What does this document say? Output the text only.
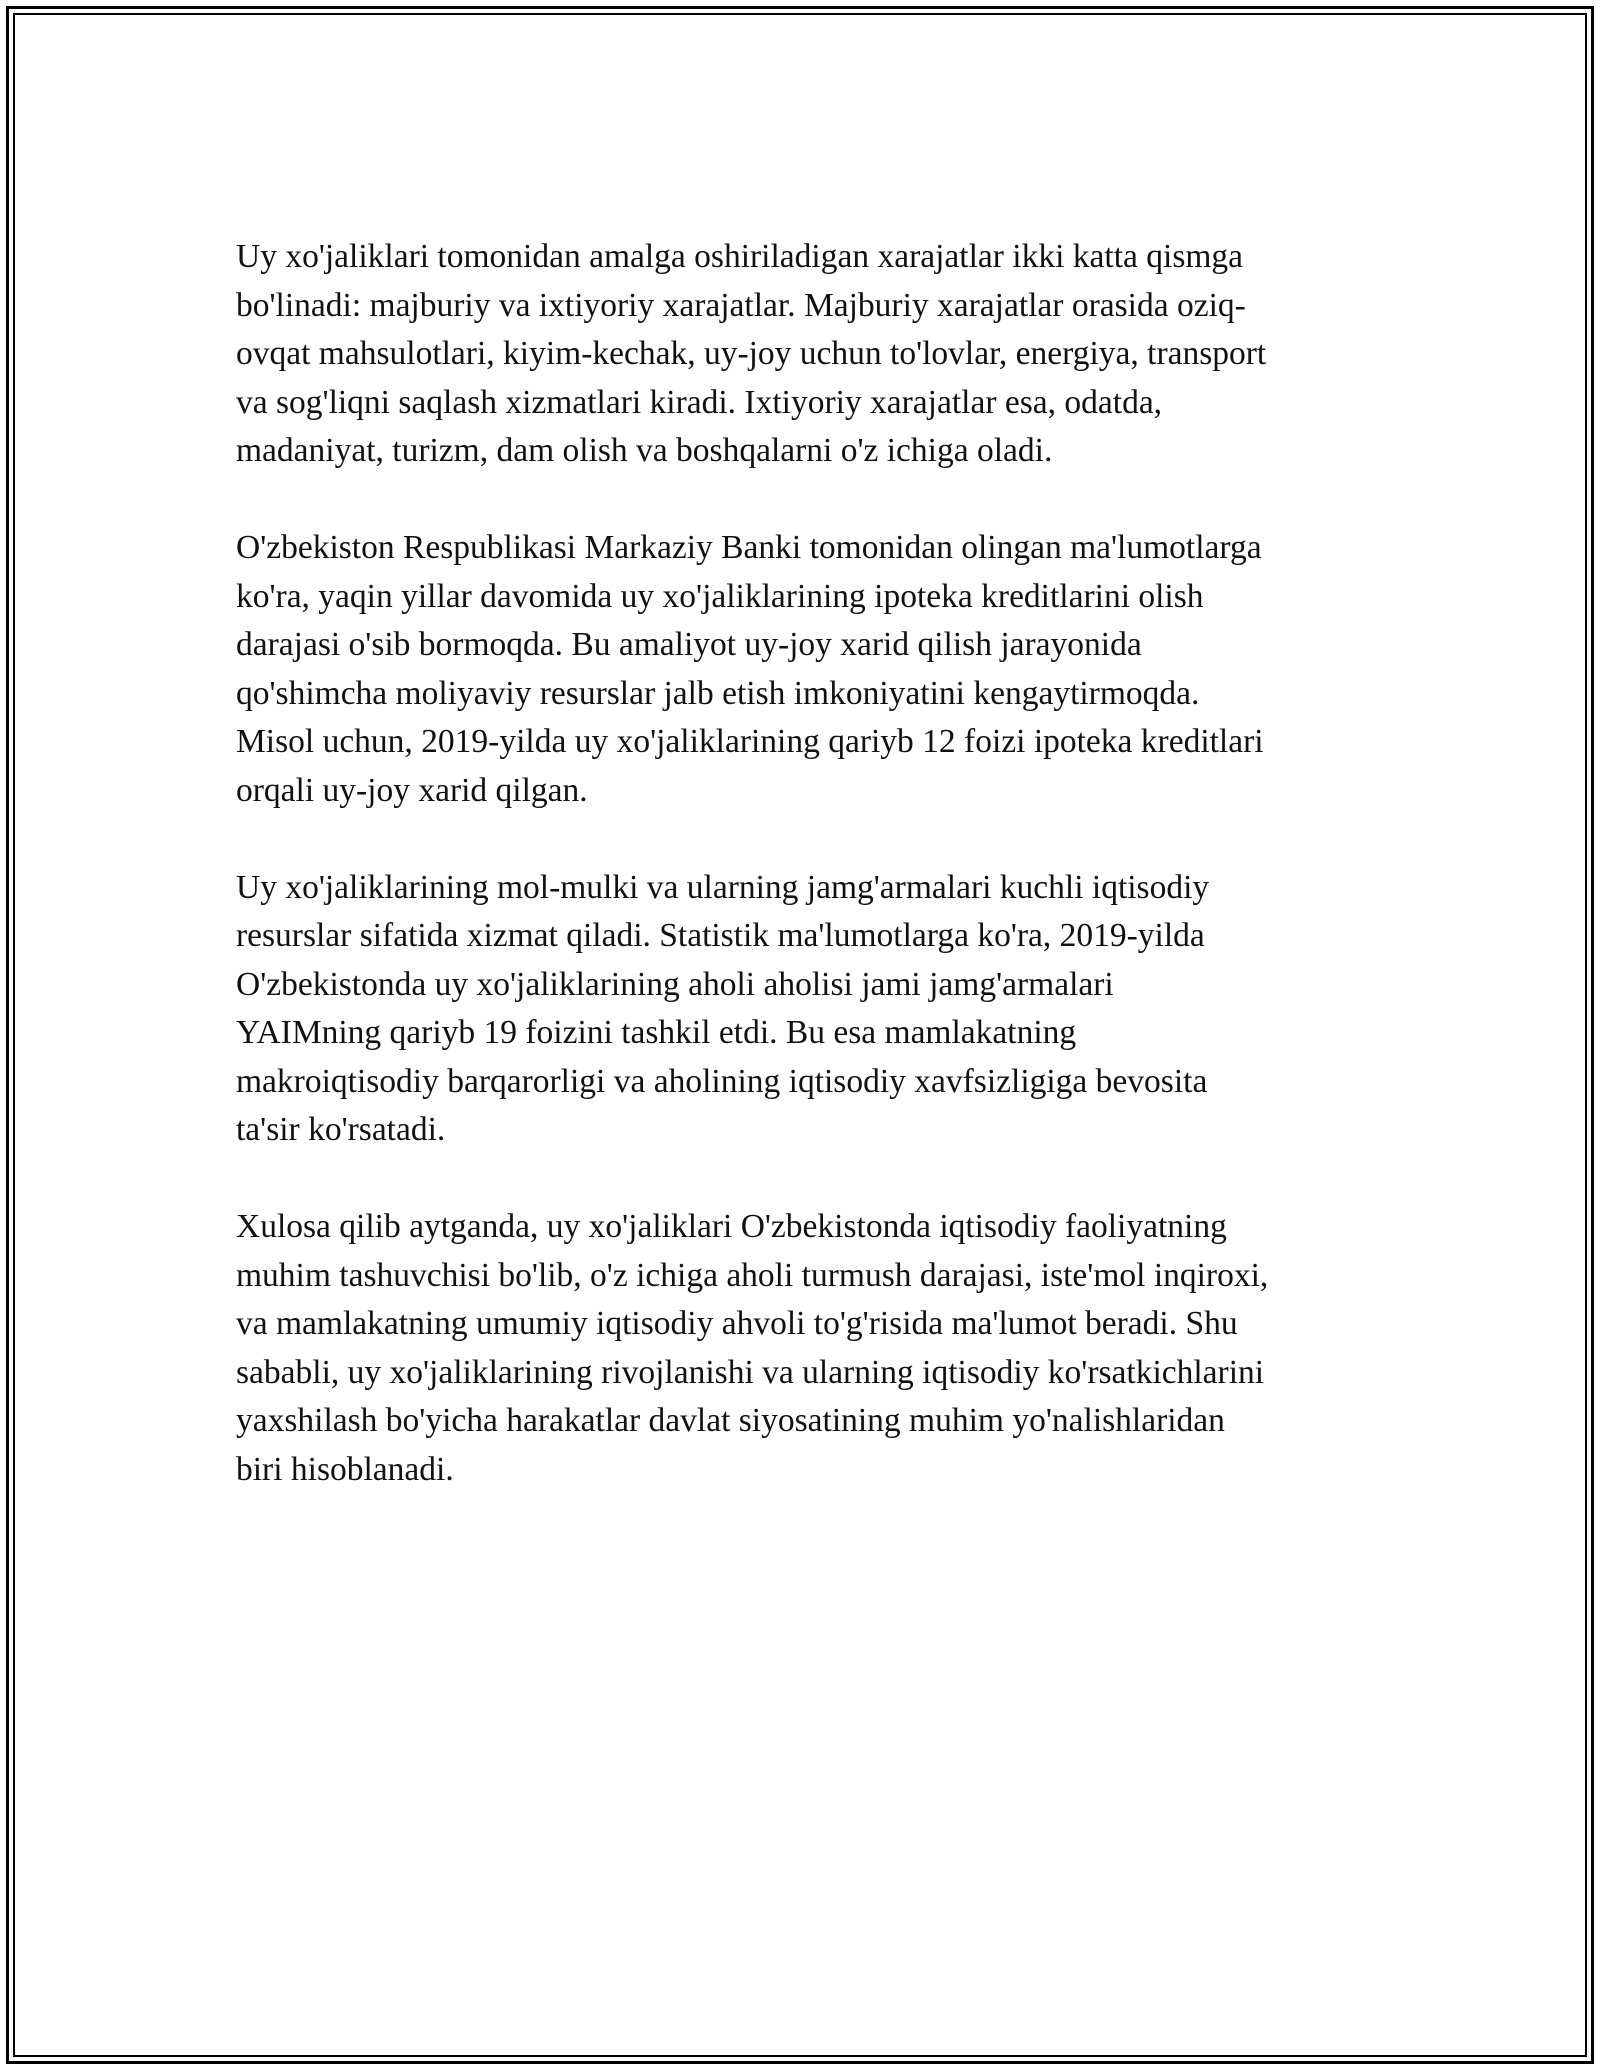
Uy xo'jaliklari tomonidan amalga oshiriladigan xarajatlar ikki katta qismga
bo'linadi: majburiy va ixtiyoriy xarajatlar. Majburiy xarajatlar orasida oziq-
ovqat mahsulotlari, kiyim-kechak, uy-joy uchun to'lovlar, energiya, transport
va sog'liqni saqlash xizmatlari kiradi. Ixtiyoriy xarajatlar esa, odatda,
madaniyat, turizm, dam olish va boshqalarni o'z ichiga oladi.

O'zbekiston Respublikasi Markaziy Banki tomonidan olingan ma'lumotlarga
ko'ra, yaqin yillar davomida uy xo'jaliklarining ipoteka kreditlarini olish
darajasi o'sib bormoqda. Bu amaliyot uy-joy xarid qilish jarayonida
qo'shimcha moliyaviy resurslar jalb etish imkoniyatini kengaytirmoqda.
Misol uchun, 2019-yilda uy xo'jaliklarining qariyb 12 foizi ipoteka kreditlari
orqali uy-joy xarid qilgan.

Uy xo'jaliklarining mol-mulki va ularning jamg'armalari kuchli iqtisodiy
resurslar sifatida xizmat qiladi. Statistik ma'lumotlarga ko'ra, 2019-yilda
O'zbekistonda uy xo'jaliklarining aholi aholisi jami jamg'armalari
YAIMning qariyb 19 foizini tashkil etdi. Bu esa mamlakatning
makroiqtisodiy barqarorligi va aholining iqtisodiy xavfsizligiga bevosita
ta'sir ko'rsatadi.

Xulosa qilib aytganda, uy xo'jaliklari O'zbekistonda iqtisodiy faoliyatning
muhim tashuvchisi bo'lib, o'z ichiga aholi turmush darajasi, iste'mol inqiroxi,
va mamlakatning umumiy iqtisodiy ahvoli to'g'risida ma'lumot beradi. Shu
sababli, uy xo'jaliklarining rivojlanishi va ularning iqtisodiy ko'rsatkichlarini
yaxshilash bo'yicha harakatlar davlat siyosatining muhim yo'nalishlaridan
biri hisoblanadi.
